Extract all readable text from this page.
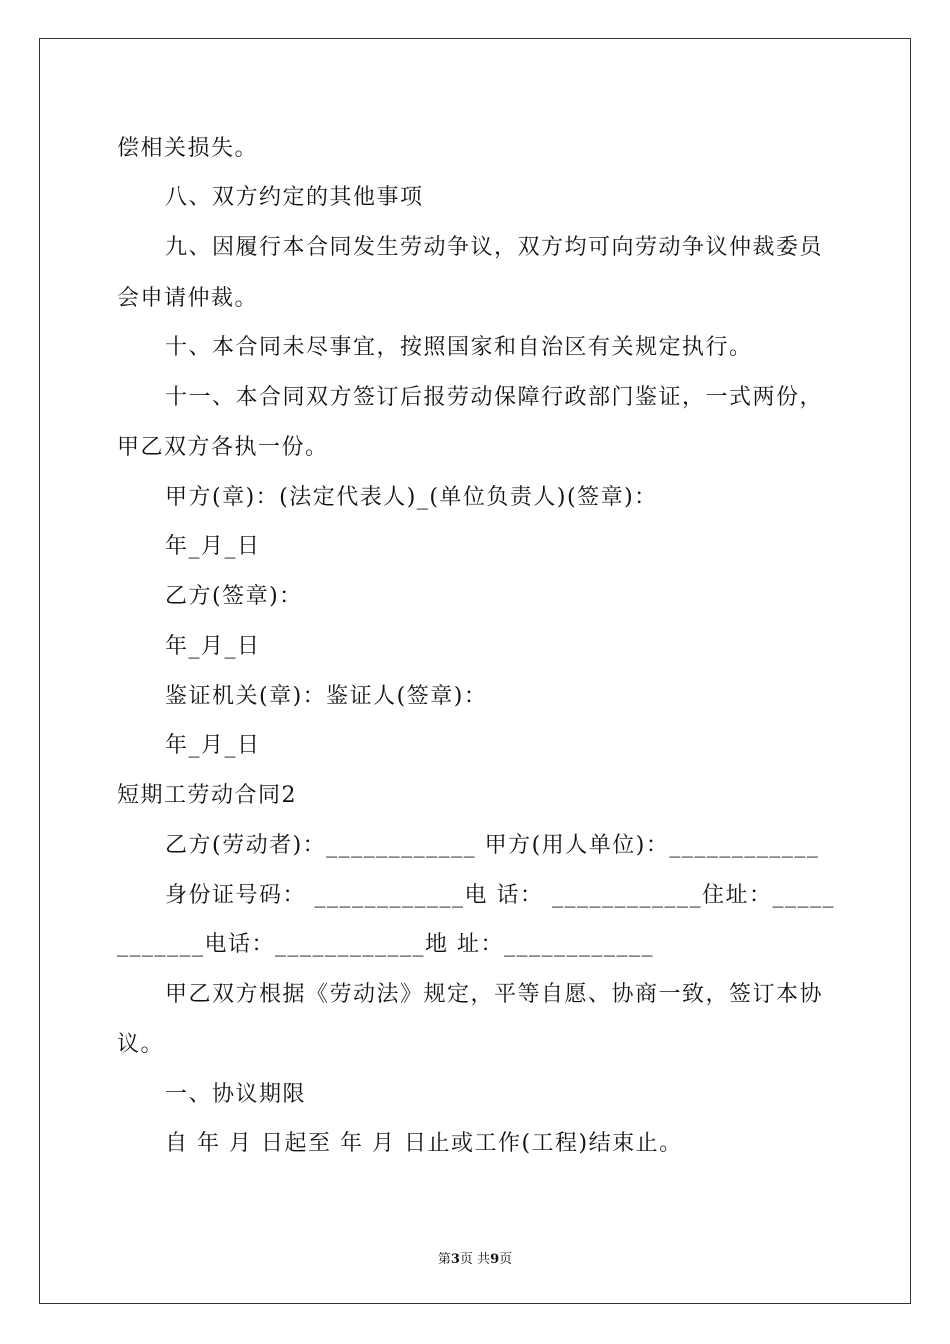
偿相关损失。
八、双方约定的其他事项
九、因履行本合同发生劳动争议，双方均可向劳动争议仲裁委员
会申请仲裁。
十、本合同未尽事宜，按照国家和自治区有关规定执行。
十一、本合同双方签订后报劳动保障行政部门鉴证，一式两份，
甲乙双方各执一份。
甲方(章)：(法定代表人)_(单位负责人)(签章)：
年_月_日
乙方(签章)：
年_月_日
鉴证机关(章)：鉴证人(签章)：
年_月_日
短期工劳动合同2
乙方(劳动者)：____________ 甲方(用人单位)：____________
身份证号码： ____________电 话： ____________住址：_____
_______电话：____________地 址：____________
甲乙双方根据《劳动法》规定，平等自愿、协商一致，签订本协
议。
一、协议期限
自 年 月 日起至 年 月 日止或工作(工程)结束止。
第3页 共9页
